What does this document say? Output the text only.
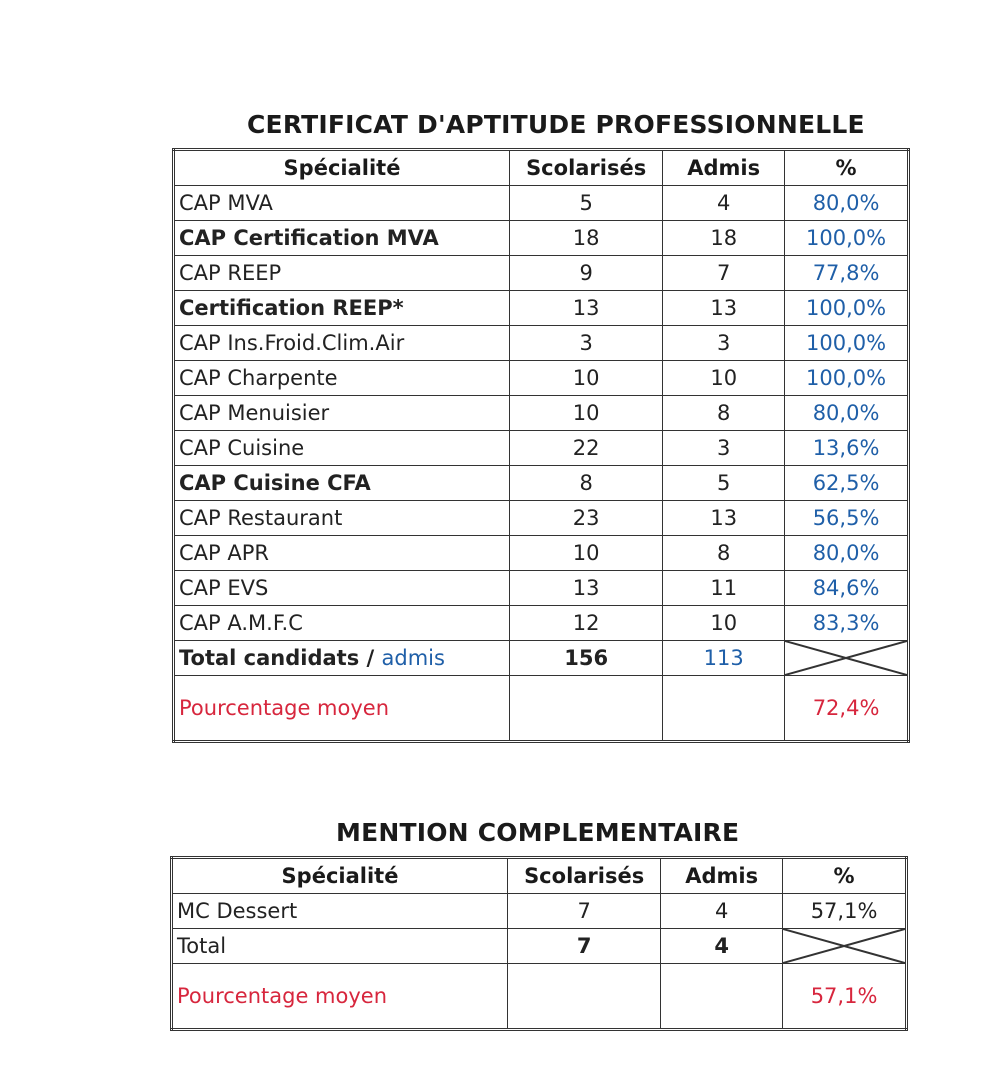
CERTIFICAT D'APTITUDE PROFESSIONNELLE
Spécialité	Scolarisés	Admis	%
CAP MVA	5	4	80,0%
CAP Certification MVA	18	18	100,0%
CAP REEP	9	7	77,8%
Certification REEP*	13	13	100,0%
CAP Ins.Froid.Clim.Air	3	3	100,0%
CAP Charpente	10	10	100,0%
CAP Menuisier	10	8	80,0%
CAP Cuisine	22	3	13,6%
CAP Cuisine CFA	8	5	62,5%
CAP Restaurant	23	13	56,5%
CAP APR	10	8	80,0%
CAP EVS	13	11	84,6%
CAP A.M.F.C	12	10	83,3%
Total candidats / admis	156	113	

Pourcentage moyen			72,4%
MENTION COMPLEMENTAIRE
Spécialité	Scolarisés	Admis	%
MC Dessert	7	4	57,1%
Total	7	4	

Pourcentage moyen			57,1%
